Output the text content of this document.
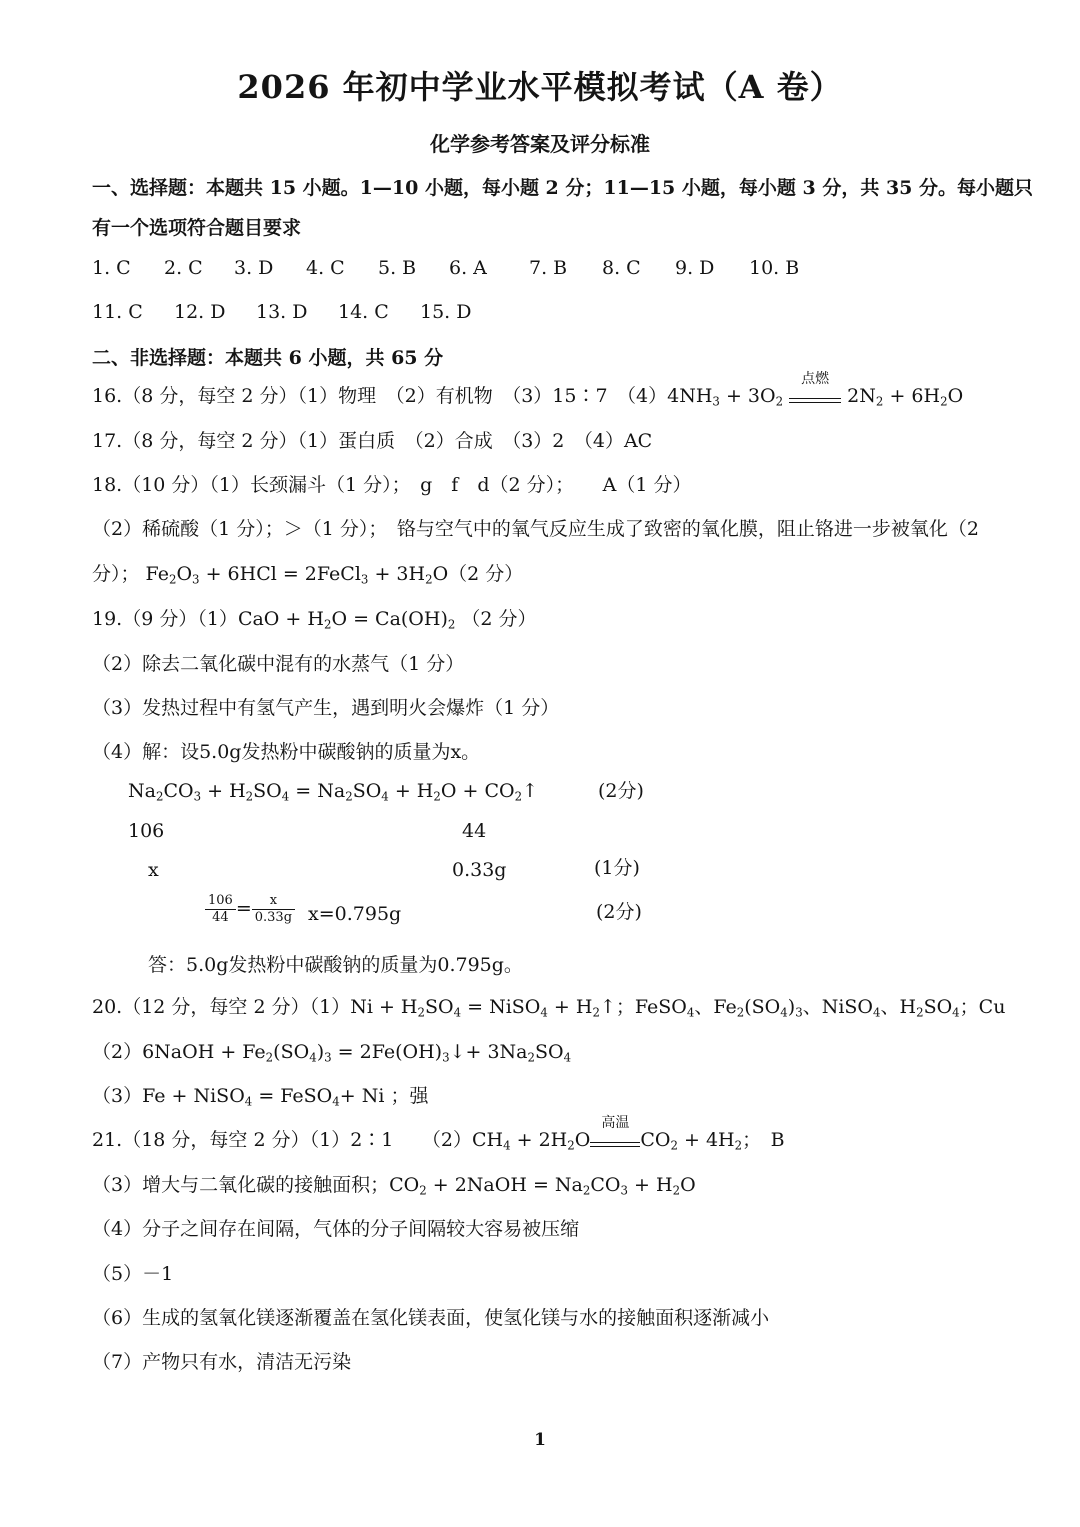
2026 年初中学业水平模拟考试（A 卷）
化学参考答案及评分标准
一、选择题：本题共 15 小题。1—10 小题，每小题 2 分；11—15 小题，每小题 3 分，共 35 分。每小题只
有一个选项符合题目要求
1. C 2. C 3. D 4. C 5. B 6. A 7. B 8. C 9. D 10. B
11. C 12. D 13. D 14. C 15. D
二、非选择题：本题共 6 小题，共 65 分
16.（8 分，每空 2 分）（1）物理　（2）有机物　（3）15∶7　$(4)4NH_3 + 3O_2$
点燃
$2N_2 + 6H_2O$
17.（8 分，每空 2 分）（1）蛋白质　（2）合成　（3）2　（4）AC
18.（10 分）（1）长颈漏斗（1 分）；　g　f　d（2 分）；　　A（1 分）
（2）稀硫酸（1 分）；＞（1 分）；　铬与空气中的氧气反应生成了致密的氧化膜，阻止铬进一步被氧化（2
分）； $Fe_2O_3 + 6HCl$ = 2FeCl$_3$ + $3H_2O(2$ 分）
19.（9 分）$(1)CaO + H_2O = Ca(OH)_2$ （2 分）
（2）除去二氧化碳中混有的水蒸气（1 分）
（3）发热过程中有氢气产生，遇到明火会爆炸（1 分）
（4）解：设5.0g发热粉中碳酸钠的质量为x。
$Na_2CO_3 + H_2SO_4 = Na_2SO_4 + H_2O$ + $CO_2↑$	(2分)
106	44
x	0.33g	(1分)
$\frac{106}{44} = \frac{x}{0.33g} x=0.795g$	(2分)
答：5.0g发热粉中碳酸钠的质量为0.795g。
20.（12 分，每空 2 分）$(1)Ni + H_2SO_4$ = NiSO$_4$ + $H_2↑$；FeSO$_4$、$Fe_2(SO_4)_3$、NiSO$_4$、$H_2SO_4$；Cu
（2）6NaOH + $Fe_2(SO_4)_3$ = $2Fe(OH)_3↓+ 3Na_2SO_4$
（3）Fe + NiSO$_4$ = FeSO$_4$+ Ni ；强
21.（18 分，每空 2 分）（1）2∶1　　$(2)CH_4 + 2H_2O$
高温
$CO_2 + 4H_2$；　B
（3）增大与二氧化碳的接触面积；$CO_2$ + 2NaOH = $Na_2CO_3 + H_2O$
（4）分子之间存在间隔，气体的分子间隔较大容易被压缩
（5）－1
（6）生成的氢氧化镁逐渐覆盖在氢化镁表面，使氢化镁与水的接触面积逐渐减小
（7）产物只有水，清洁无污染
1
